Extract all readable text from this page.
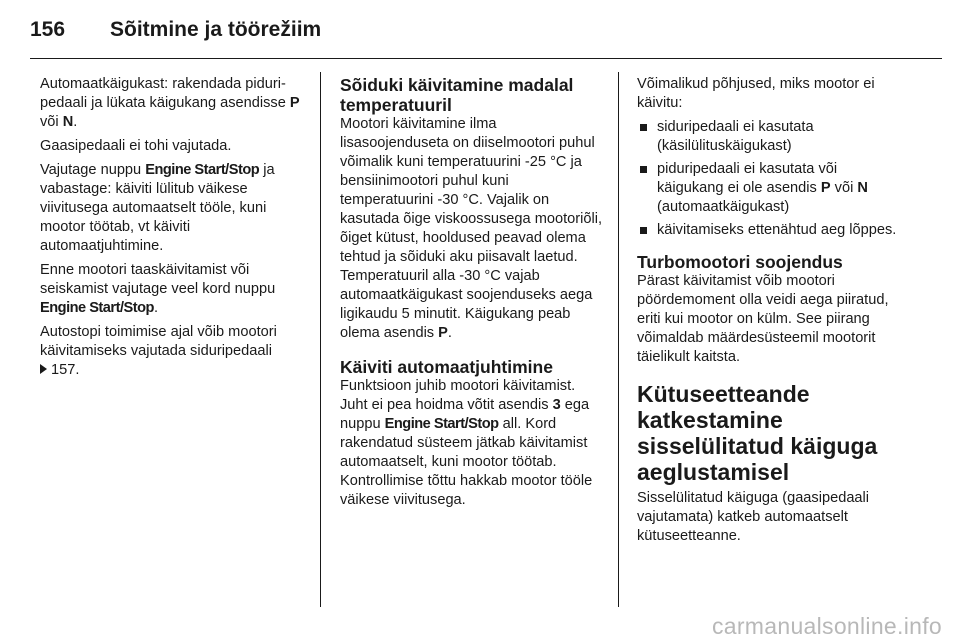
156	Sõitmine ja töörežiim

Automaatkäigukast: rakendada piduripedaali ja lükata käigukang asendisse P või N.

Gaasipedaali ei tohi vajutada.

Vajutage nuppu Engine Start/Stop ja vabastage: käiviti lülitub väikese viivitusega automaatselt tööle, kuni mootor töötab, vt käiviti automaatjuhtimine.

Enne mootori taaskäivitamist või seiskamist vajutage veel kord nuppu Engine Start/Stop.

Autostopi toimimise ajal võib mootori käivitamiseks vajutada siduripedaali
157.

Sõiduki käivitamine madalal temperatuuril

Mootori käivitamine ilma lisasoojenduseta on diiselmootori puhul võimalik kuni temperatuurini -25 °C ja bensiinimootori puhul kuni temperatuurini -30 °C. Vajalik on kasutada õige viskoossusega mootoriõli, õiget kütust, hooldused peavad olema tehtud ja sõiduki aku piisavalt laetud. Temperatuuril alla -30 °C vajab automaatkäigukast soojenduseks aega ligikaudu 5 minutit. Käigukang peab olema asendis P.

Käiviti automaatjuhtimine

Funktsioon juhib mootori käivitamist. Juht ei pea hoidma võtit asendis 3 ega nuppu Engine Start/Stop all. Kord rakendatud süsteem jätkab käivitamist automaatselt, kuni mootor töötab. Kontrollimise tõttu hakkab mootor tööle väikese viivitusega.

Võimalikud põhjused, miks mootor ei käivitu:

siduripedaali ei kasutata (käsilülituskäigukast)
piduripedaali ei kasutata või käigukang ei ole asendis P või N (automaatkäigukast)
käivitamiseks ettenähtud aeg lõppes.
Turbomootori soojendus

Pärast käivitamist võib mootori pöördemoment olla veidi aega piiratud, eriti kui mootor on külm. See piirang võimaldab määrdesüsteemil mootorit täielikult kaitsta.

Kütuseetteande katkestamine sisselülitatud käiguga aeglustamisel

Sisselülitatud käiguga (gaasipedaali vajutamata) katkeb automaatselt kütuseetteanne.

carmanualsonline.info
